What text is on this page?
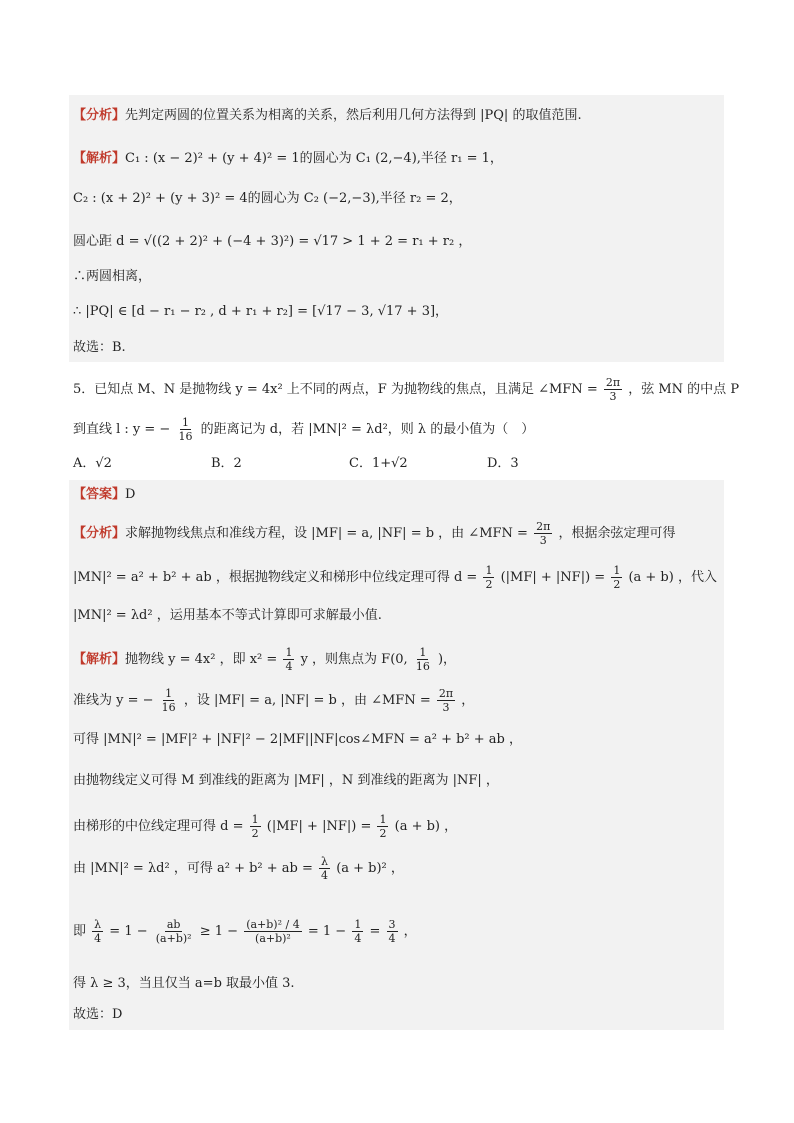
【分析】先判定两圆的位置关系为相离的关系，然后利用几何方法得到 |PQ| 的取值范围.
【解析】C₁ : (x − 2)² + (y + 4)² = 1的圆心为 C₁ (2,−4),半径 r₁ = 1，
C₂ : (x + 2)² + (y + 3)² = 4的圆心为 C₂ (−2,−3),半径 r₂ = 2，
圆心距 d = √((2 + 2)² + (−4 + 3)²) = √17 > 1 + 2 = r₁ + r₂ ，
∴两圆相离，
∴ |PQ| ∈ [d − r₁ − r₂ , d + r₁ + r₂] = [√17 − 3, √17 + 3]，
故选：B.
5．已知点 M、N 是抛物线 y = 4x² 上不同的两点，F 为抛物线的焦点，且满足 ∠MFN = $\frac{2\pi}{3}$ ，弦 MN 的中点 P
到直线 l : y = − $\frac{1}{16}$ 的距离记为 d，若 |MN|² = λd²，则 λ 的最小值为（　）
A．√2	B．2	C．1+√2	D．3
【答案】D
【分析】求解抛物线焦点和准线方程，设 |MF| = a, |NF| = b ，由 ∠MFN = $\frac{2\pi}{3}$ ，根据余弦定理可得
|MN|² = a² + b² + ab ，根据抛物线定义和梯形中位线定理可得 $d = \frac{1}{2} (|MF| + |NF|) = \frac{1}{2} (a + b)$ ，代入
|MN|² = λd² ，运用基本不等式计算即可求解最小值.
【解析】抛物线 y = 4x² ，即 $x^2 = \frac{1}{4}$ y ，则焦点为 F(0, $\frac{1}{16}$ )，
准线为 y = − $\frac{1}{16}$ ，设 |MF| = a, |NF| = b ，由 ∠MFN = $\frac{2\pi}{3}$ ，
可得 |MN|² = |MF|² + |NF|² − 2|MF||NF|cos∠MFN = a² + b² + ab ，
由抛物线定义可得 M 到准线的距离为 |MF| ，N 到准线的距离为 |NF| ，
由梯形的中位线定理可得 $d = \frac{1}{2} (|MF| + |NF|) = \frac{1}{2} (a + b)$ ，
由 |MN|² = λd² ，可得 a² + b² + ab = $\frac{\lambda}{4} (a + b)^2$ ，
即 $\frac{\lambda}{4} = 1 - \frac{ab}{\text{(a+b)²}} \ge 1 - \frac{\text{(a+b)² / 4}}{\text{(a+b)²}} = 1 - \frac{1}{4} = \frac{3}{4}$ ，
得 λ ≥ 3，当且仅当 a=b 取最小值 3.
故选：D
